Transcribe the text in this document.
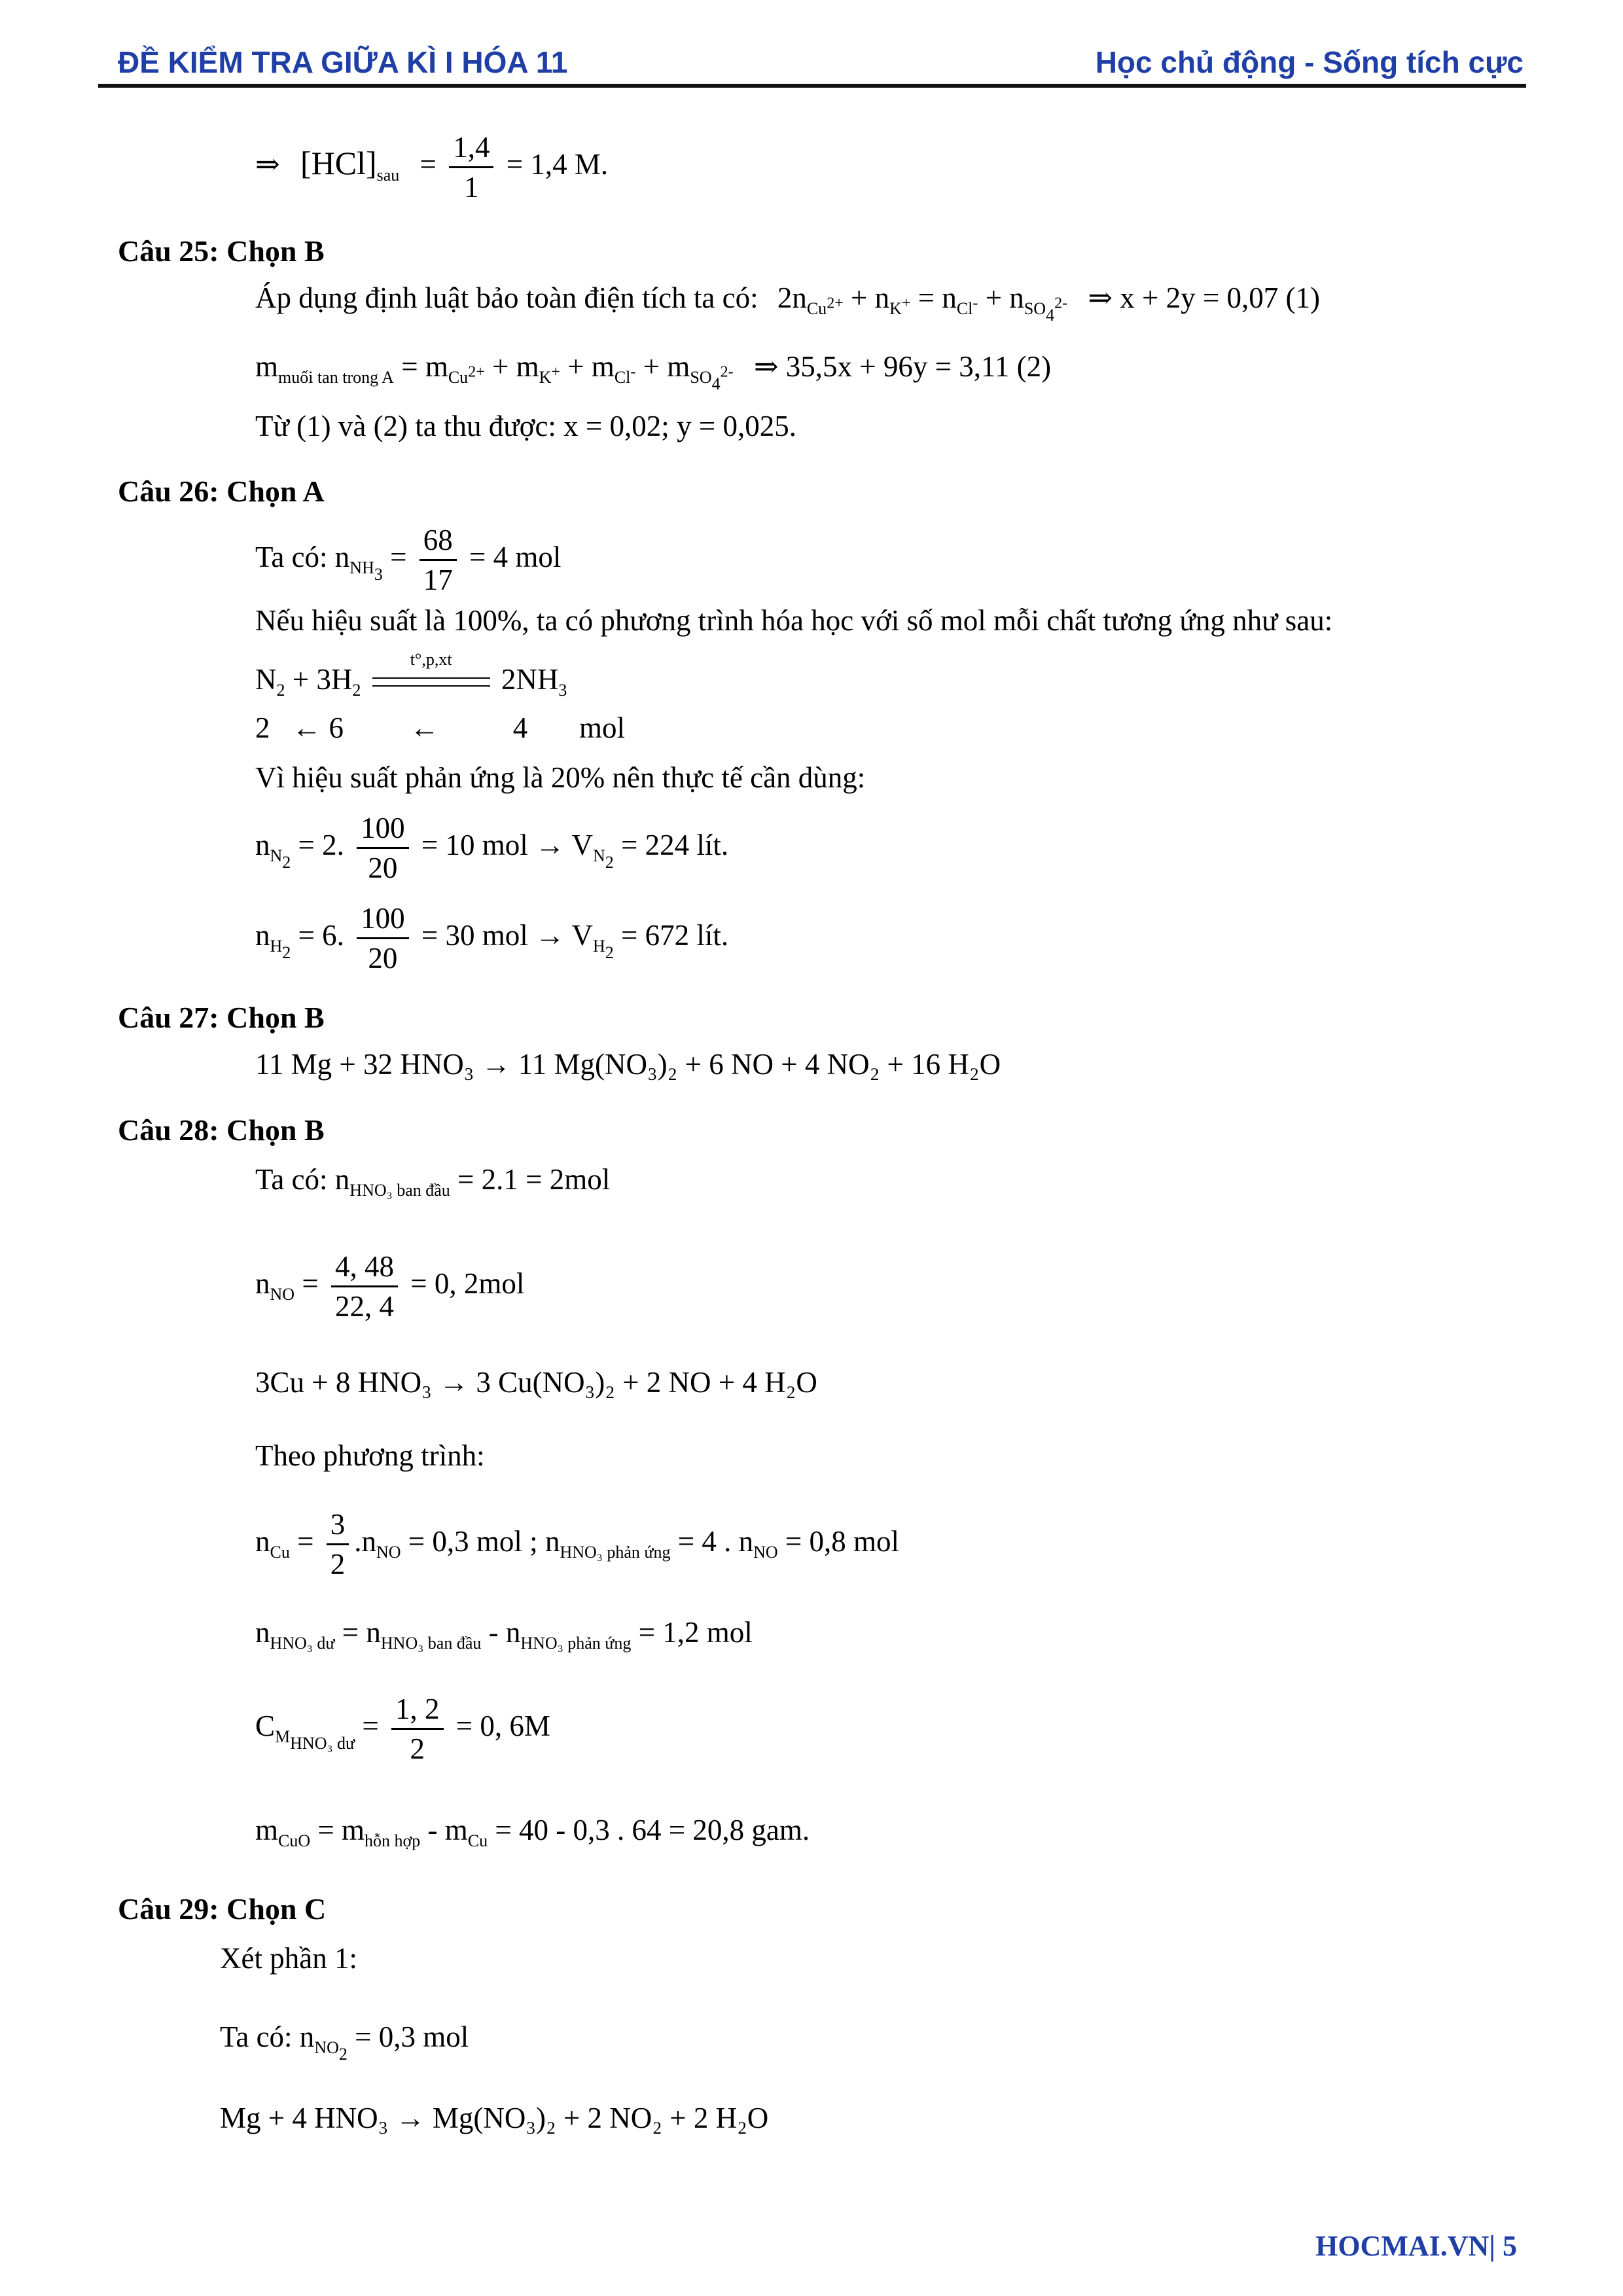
ĐỀ KIỂM TRA GIỮA KÌ I HÓA 11	Học chủ động - Sống tích cực
⇒ $[HCl]_{sau} = \frac{1,4}{1} = 1,4$ M.
Câu 25: Chọn B
Áp dụng định luật bảo toàn điện tích ta có: $2n_{Cu^{2+}} + n_{K^+} = n_{Cl^-} + n_{SO_4^{2-}}$ ⇒ x + 2y = 0,07 (1)
$m_{muối tan trong A} = m_{Cu^{2+}} + m_{K^+} + m_{Cl^-} + m_{SO_4^{2-}}$ ⇒ 35,5x + 96y = 3,11 (2)
Từ (1) và (2) ta thu được: x = 0,02; y = 0,025.
Câu 26: Chọn A
Ta có: $n_{NH_3} = \frac{68}{17} = 4$ mol
Nếu hiệu suất là 100%, ta có phương trình hóa học với số mol mỗi chất tương ứng như sau:
$N_2 + 3H_2$
t°,p,xt
$2NH_3$
2   ← 6         ←          4       mol
Vì hiệu suất phản ứng là 20% nên thực tế cần dùng:
$n_{N_2} = 2$. $\frac{100}{20} = 10$ mol → $V_{N_2} = 224$ lít.
$n_{H_2} = 6$. $\frac{100}{20} = 30$ mol → $V_{H_2} = 672$ lít.
Câu 27: Chọn B
11 Mg + 32 HNO₃ → 11 Mg(NO₃)₂ + 6 NO + 4 NO₂ + 16 H₂O
Câu 28: Chọn B
Ta có: $n_{HNO_3 ban đầu} = 2.1 = 2mol$
$n_{NO} = \frac{4, 48}{22, 4} = 0$, 2mol
3Cu + 8 HNO₃ → 3 Cu(NO₃)₂ + 2 NO + 4 H₂O
Theo phương trình:
$n_{Cu} = \frac{3}{2} .n_{NO} = 0,3$ mol ; $n_{HNO_3 phản ứng} = 4$ . $n_{NO} = 0,8$ mol
$n_{HNO_3 dư} = n_{HNO_3 ban đầu} - n_{HNO_3 phản ứng} = 1,2$ mol
$C_{M_{HNO_3 dư}} = \frac{1, 2}{2} = 0$, 6M
$m_{CuO} = m_{hỗn hợp} - m_{Cu} = 40 - 0,3$ . 64 = 20,8 gam.
Câu 29: Chọn C
Xét phần 1:
Ta có: $n_{NO_2} = 0,3$ mol
Mg + 4 HNO₃ → Mg(NO₃)₂ + 2 NO₂ + 2 H₂O
HOCMAI.VN| 5
